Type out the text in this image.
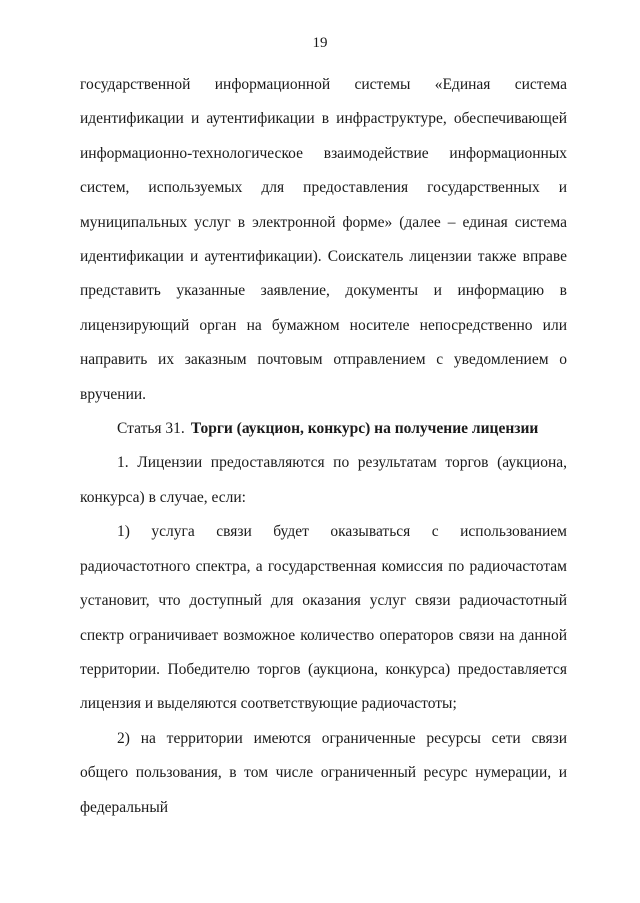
19

государственной информационной системы «Единая система идентификации и аутентификации в инфраструктуре, обеспечивающей информационно-технологическое взаимодействие информационных систем, используемых для предоставления государственных и муниципальных услуг в электронной форме» (далее – единая система идентификации и аутентификации). Соискатель лицензии также вправе представить указанные заявление, документы и информацию в лицензирующий орган на бумажном носителе непосредственно или направить их заказным почтовым отправлением с уведомлением о вручении.

Статья 31. Торги (аукцион, конкурс) на получение лицензии

1. Лицензии предоставляются по результатам торгов (аукциона, конкурса) в случае, если:

1) услуга связи будет оказываться с использованием радиочастотного спектра, а государственная комиссия по радиочастотам установит, что доступный для оказания услуг связи радиочастотный спектр ограничивает возможное количество операторов связи на данной территории. Победителю торгов (аукциона, конкурса) предоставляется лицензия и выделяются соответствующие радиочастоты;

2) на территории имеются ограниченные ресурсы сети связи общего пользования, в том числе ограниченный ресурс нумерации, и федеральный
